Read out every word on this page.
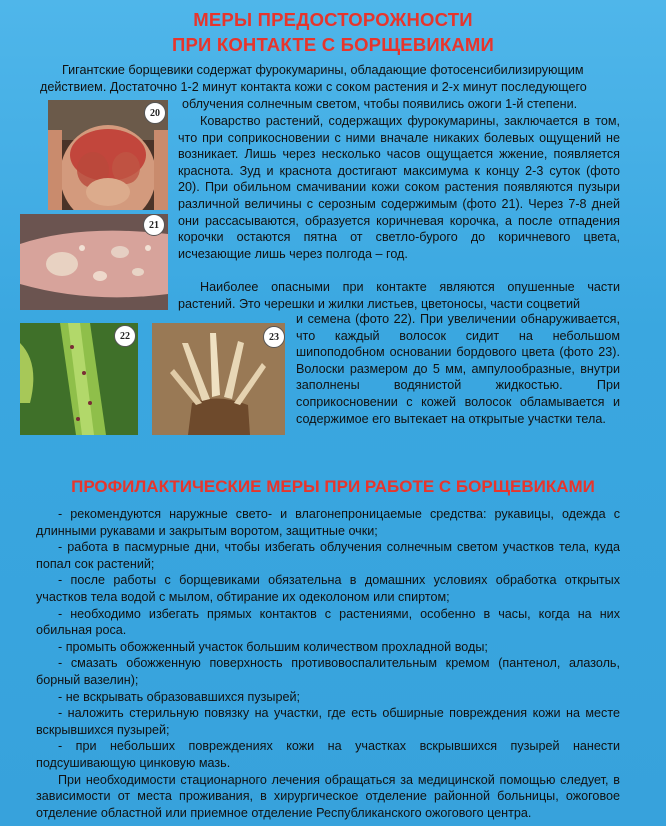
МЕРЫ ПРЕДОСТОРОЖНОСТИ
ПРИ КОНТАКТЕ С БОРЩЕВИКАМИ
Гигантские борщевики содержат фурокумарины, обладающие фотосенсибилизирующим
действием. Достаточно 1-2 минут контакта кожи с соком растения и 2-х минут последующего
облучения солнечным светом, чтобы появились ожоги 1-й степени.
20
21
Коварство растений, содержащих фурокумарины, заключается в том, что при соприкосновении с ними вначале никаких болевых ощущений не возникает. Лишь через несколько часов ощущается жжение, появляется краснота. Зуд и краснота достигают максимума к концу 2-3 суток (фото 20). При обильном смачивании кожи соком растения появляются пузыри различной величины с серозным содержимым (фото 21). Через 7-8 дней они рассасываются, образуется коричневая корочка, а после отпадения корочки остаются пятна от светло-бурого до коричневого цвета, исчезающие лишь через полгода – год.
Наиболее опасными при контакте являются опушенные части растений. Это черешки и жилки листьев, цветоносы, части соцветий
22	23
и семена (фото 22). При увеличении обнаруживается, что каждый волосок сидит на небольшом шипоподобном основании бордового цвета (фото 23). Волоски размером до 5 мм, ампулообразные, внутри заполнены водянистой жидкостью. При соприкосновении с кожей волосок обламывается и содержимое его вытекает на открытые участки тела.
ПРОФИЛАКТИЧЕСКИЕ МЕРЫ ПРИ РАБОТЕ С БОРЩЕВИКАМИ

- рекомендуются наружные свето- и влагонепроницаемые средства: рукавицы, одежда с длинными рукавами и закрытым воротом, защитные очки;

- работа в пасмурные дни, чтобы избегать облучения солнечным светом участков тела, куда попал сок растений;

- после работы с борщевиками обязательна в домашних условиях обработка открытых участков тела водой с мылом, обтирание их одеколоном или спиртом;

- необходимо избегать прямых контактов с растениями, особенно в часы, когда на них обильная роса.

- промыть обожженный участок большим количеством прохладной воды;

- смазать обожженную поверхность противовоспалительным кремом (пантенол, алазоль, борный вазелин);

- не вскрывать образовавшихся пузырей;

- наложить стерильную повязку на участки, где есть обширные повреждения кожи на месте вскрывшихся пузырей;

- при небольших повреждениях кожи на участках вскрывшихся пузырей нанести подсушивающую цинковую мазь.

При необходимости стационарного лечения обращаться за медицинской помощью следует, в зависимости от места проживания, в хирургическое отделение районной больницы, ожоговое отделение областной или приемное отделение Республиканского ожогового центра.
